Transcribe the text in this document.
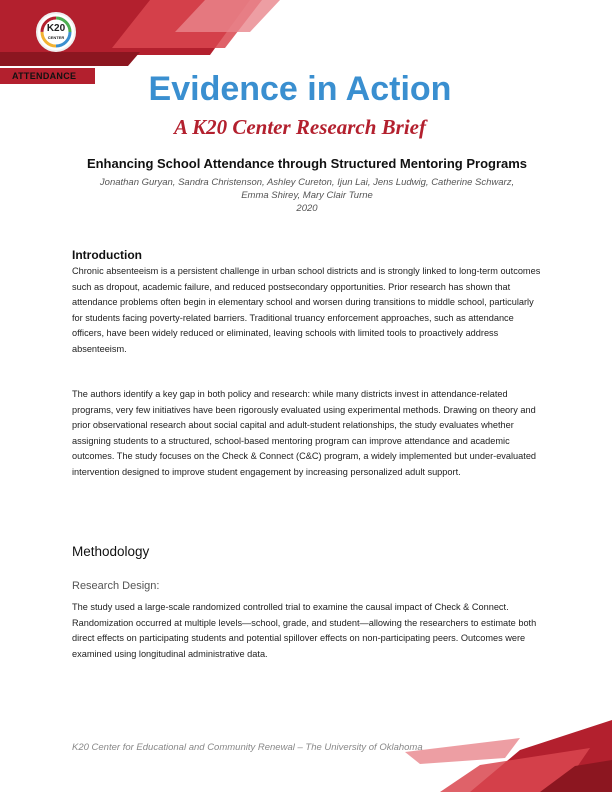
K20
CENTER
ATTENDANCE	Evidence in Action
A K20 Center Research Brief
Enhancing School Attendance through Structured Mentoring Programs
Jonathan Guryan, Sandra Christenson, Ashley Cureton, Ijun Lai, Jens Ludwig, Catherine Schwarz,
Emma Shirey, Mary Clair Turne
2020
Introduction

Chronic absenteeism is a persistent challenge in urban school districts and is strongly linked to long-term outcomes such as dropout, academic failure, and reduced postsecondary opportunities. Prior research has shown that attendance problems often begin in elementary school and worsen during transitions to middle school, particularly for students facing poverty-related barriers. Traditional truancy enforcement approaches, such as attendance officers, have been widely reduced or eliminated, leaving schools with limited tools to proactively address absenteeism.

The authors identify a key gap in both policy and research: while many districts invest in attendance-related programs, very few initiatives have been rigorously evaluated using experimental methods. Drawing on theory and prior observational research about social capital and adult-student relationships, the study evaluates whether assigning students to a structured, school-based mentoring program can improve attendance and academic outcomes. The study focuses on the Check & Connect (C&C) program, a widely implemented but under-evaluated intervention designed to improve student engagement by increasing personalized adult support.

Methodology
Research Design:

The study used a large-scale randomized controlled trial to examine the causal impact of Check & Connect. Randomization occurred at multiple levels—school, grade, and student—allowing the researchers to estimate both direct effects on participating students and potential spillover effects on non-participating peers. Outcomes were examined using longitudinal administrative data.

K20 Center for Educational and Community Renewal – The University of Oklahoma
